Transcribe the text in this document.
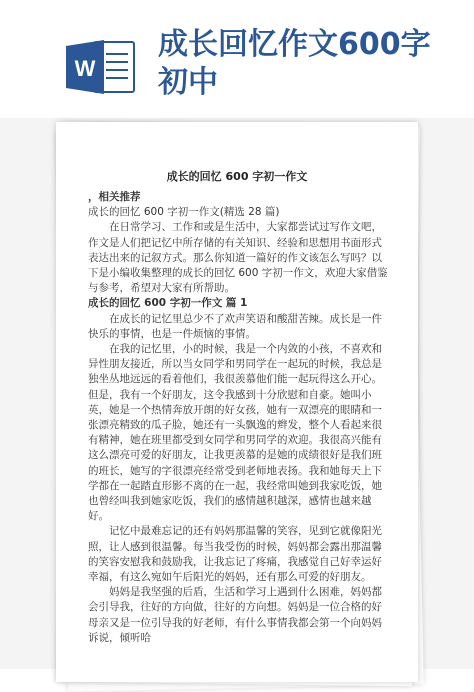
W
成长回忆作文600字初中
成长的回忆 600 字初一作文

，相关推荐

成长的回忆 600 字初一作文(精选 28 篇)

在日常学习、工作和或是生活中，大家都尝试过写作文吧，作文是人们把记忆中所存储的有关知识、经验和思想用书面形式表达出来的记叙方式。那么你知道一篇好的作文该怎么写吗？以下是小编收集整理的成长的回忆 600 字初一作文，欢迎大家借鉴与参考，希望对大家有所帮助。

成长的回忆 600 字初一作文 篇 1

在成长的记忆里总少不了欢声笑语和酸甜苦辣。成长是一件快乐的事情，也是一件烦恼的事情。

在我的记忆里，小的时候，我是一个内敛的小孩，不喜欢和异性朋友接近，所以当女同学和男同学在一起玩的时候，我总是独坐丛地远远的看着他们，我很羡慕他们能一起玩得这么开心。但是，我有一个好朋友，这令我感到十分欣慰和自豪。她叫小英，她是一个热情奔放开朗的好女孩，她有一双漂亮的眼睛和一张漂亮精致的瓜子脸，她还有一头飘逸的辫发，整个人看起来很有精神，她在班里都受到女同学和男同学的欢迎。我很高兴能有这么漂亮可爱的好朋友，让我更羡慕的是她的成绩很好是我们班的班长，她写的字很漂亮经常受到老师地表扬。我和她每天上下学都在一起踏直形影不离的在一起，我经常叫她到我家吃饭，她也曾经叫我到她家吃饭，我们的感情越积越深，感情也越来越好。

记忆中最难忘记的还有妈妈那温馨的笑容，见到它就像阳光照，让人感到很温馨。每当我受伤的时候，妈妈都会露出那温馨的笑容安慰我和鼓励我，让我忘记了疼痛，我感觉自己好幸运好幸福，有这么宛如午后阳光的妈妈，还有那么可爱的好朋友。

妈妈是我坚强的后盾，生活和学习上遇到什么困难，妈妈都会引导我，往好的方向做，往好的方向想。妈妈是一位合格的好母亲又是一位引导我的好老师，有什么事情我都会第一个向妈妈诉说，倾听哈
